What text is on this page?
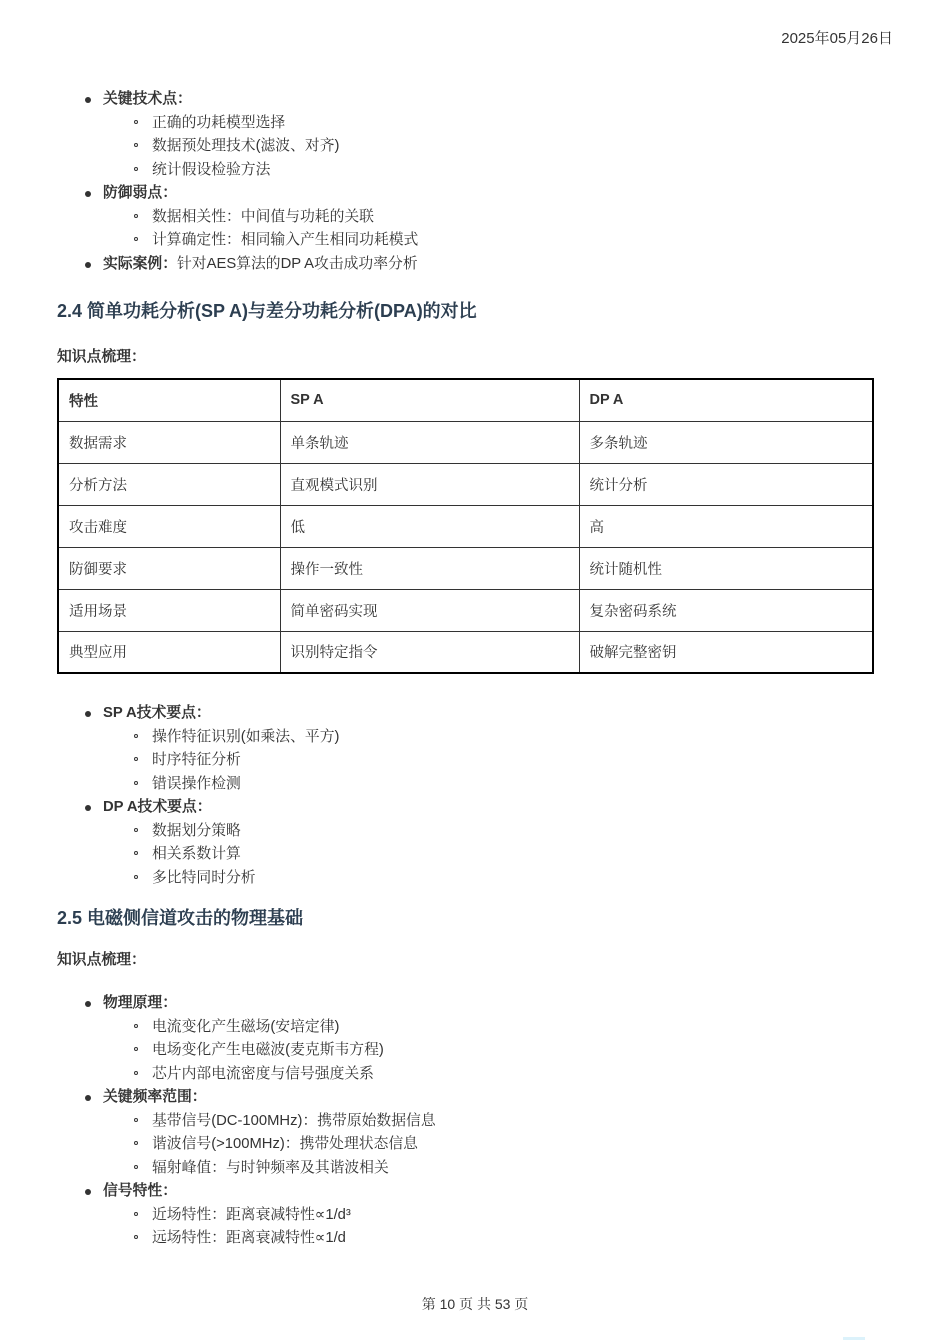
2025年05月26日
关键技术点：
正确的功耗模型选择
数据预处理技术(滤波、对齐)
统计假设检验方法
防御弱点：
数据相关性：中间值与功耗的关联
计算确定性：相同输入产生相同功耗模式
实际案例：针对AES算法的DP A攻击成功率分析
2.4 简单功耗分析(SP A)与差分功耗分析(DPA)的对比
知识点梳理：
特性	SP A	DP A
数据需求	单条轨迹	多条轨迹
分析方法	直观模式识别	统计分析
攻击难度	低	高
防御要求	操作一致性	统计随机性
适用场景	简单密码实现	复杂密码系统
典型应用	识别特定指令	破解完整密钥
SP A技术要点：
操作特征识别(如乘法、平方)
时序特征分析
错误操作检测
DP A技术要点：
数据划分策略
相关系数计算
多比特同时分析
2.5 电磁侧信道攻击的物理基础
知识点梳理：
物理原理：
电流变化产生磁场(安培定律)
电场变化产生电磁波(麦克斯韦方程)
芯片内部电流密度与信号强度关系
关键频率范围：
基带信号(DC-100MHz)：携带原始数据信息
谐波信号(>100MHz)：携带处理状态信息
辐射峰值：与时钟频率及其谐波相关
信号特性：
近场特性：距离衰减特性∝1/d³
远场特性：距离衰减特性∝1/d
第 10 页 共 53 页
